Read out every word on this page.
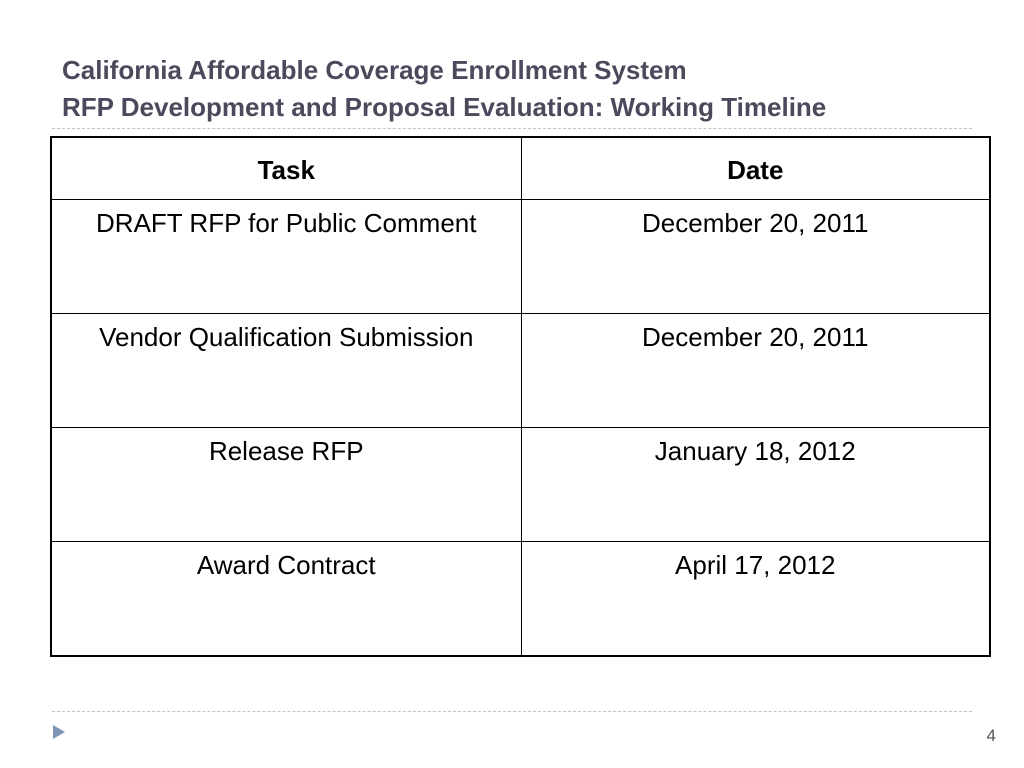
California Affordable Coverage Enrollment System
RFP Development and Proposal Evaluation: Working Timeline
Task	Date
DRAFT RFP for Public Comment	December 20, 2011
Vendor Qualification Submission	December 20, 2011
Release RFP	January 18, 2012
Award Contract	April 17, 2012
4
